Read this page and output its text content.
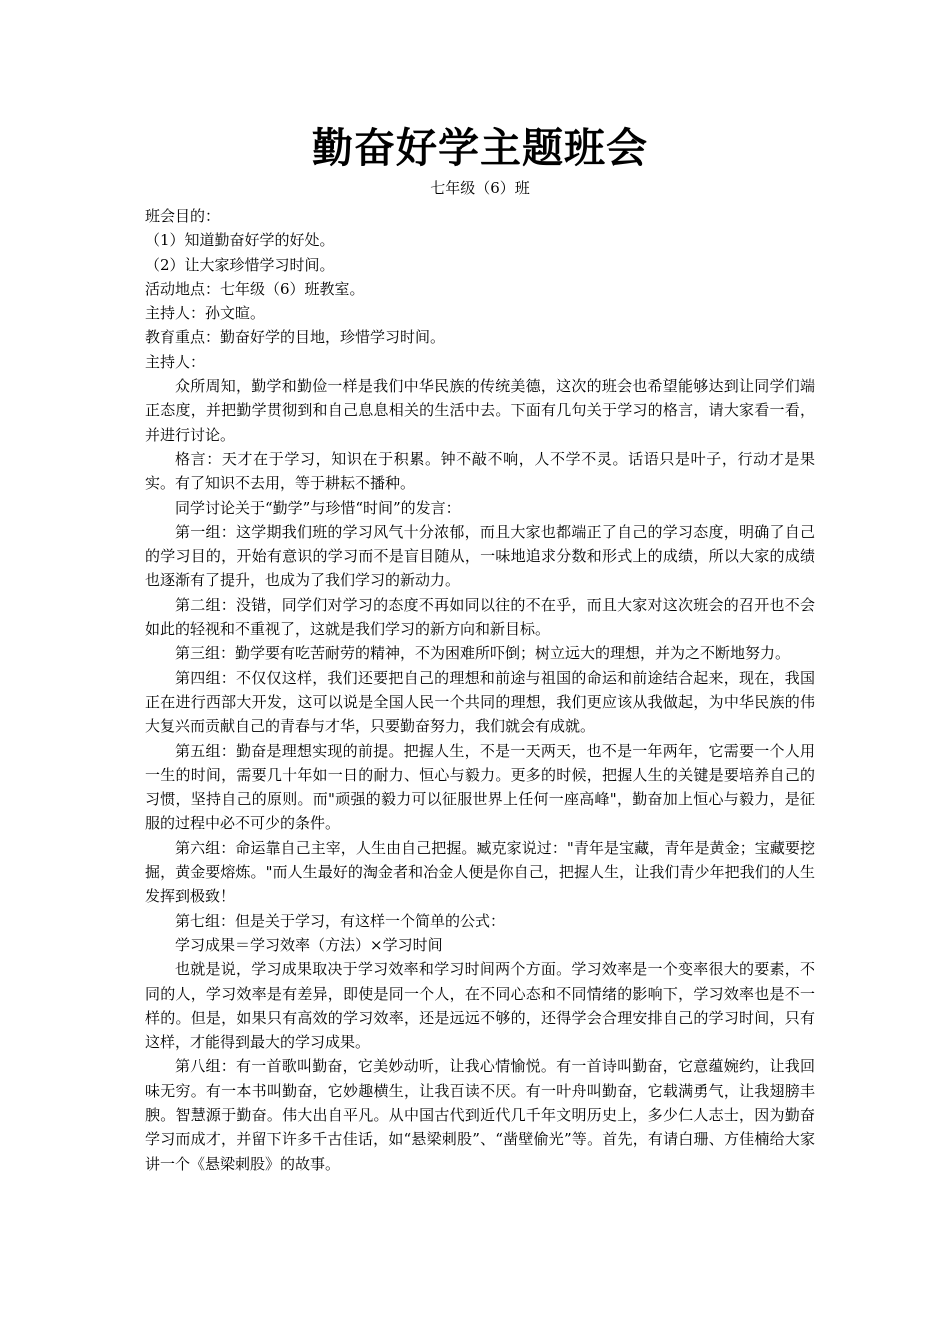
勤奋好学主题班会

七年级（6）班

班会目的：

（1）知道勤奋好学的好处。

（2）让大家珍惜学习时间。

活动地点：七年级（6）班教室。

主持人：孙文暄。

教育重点：勤奋好学的目地，珍惜学习时间。

主持人：

众所周知，勤学和勤俭一样是我们中华民族的传统美德，这次的班会也希望能够达到让同学们端正态度，并把勤学贯彻到和自己息息相关的生活中去。下面有几句关于学习的格言，请大家看一看，并进行讨论。

格言：天才在于学习，知识在于积累。钟不敲不响，人不学不灵。话语只是叶子，行动才是果实。有了知识不去用，等于耕耘不播种。

同学讨论关于“勤学”与珍惜“时间”的发言：

第一组：这学期我们班的学习风气十分浓郁，而且大家也都端正了自己的学习态度，明确了自己的学习目的，开始有意识的学习而不是盲目随从，一味地追求分数和形式上的成绩，所以大家的成绩也逐渐有了提升，也成为了我们学习的新动力。

第二组：没错，同学们对学习的态度不再如同以往的不在乎，而且大家对这次班会的召开也不会如此的轻视和不重视了，这就是我们学习的新方向和新目标。

第三组：勤学要有吃苦耐劳的精神，不为困难所吓倒；树立远大的理想，并为之不断地努力。

第四组：不仅仅这样，我们还要把自己的理想和前途与祖国的命运和前途结合起来，现在，我国正在进行西部大开发，这可以说是全国人民一个共同的理想，我们更应该从我做起，为中华民族的伟大复兴而贡献自己的青春与才华，只要勤奋努力，我们就会有成就。

第五组：勤奋是理想实现的前提。把握人生，不是一天两天，也不是一年两年，它需要一个人用一生的时间，需要几十年如一日的耐力、恒心与毅力。更多的时候，把握人生的关键是要培养自己的习惯，坚持自己的原则。而"顽强的毅力可以征服世界上任何一座高峰"，勤奋加上恒心与毅力，是征服的过程中必不可少的条件。

第六组：命运靠自己主宰，人生由自己把握。臧克家说过："青年是宝藏，青年是黄金；宝藏要挖掘，黄金要熔炼。"而人生最好的淘金者和冶金人便是你自己，把握人生，让我们青少年把我们的人生发挥到极致！

第七组：但是关于学习，有这样一个简单的公式：

学习成果＝学习效率（方法）×学习时间

也就是说，学习成果取决于学习效率和学习时间两个方面。学习效率是一个变率很大的要素，不同的人，学习效率是有差异，即使是同一个人，在不同心态和不同情绪的影响下，学习效率也是不一样的。但是，如果只有高效的学习效率，还是远远不够的，还得学会合理安排自己的学习时间，只有这样，才能得到最大的学习成果。

第八组：有一首歌叫勤奋，它美妙动听，让我心情愉悦。有一首诗叫勤奋，它意蕴婉约，让我回味无穷。有一本书叫勤奋，它妙趣横生，让我百读不厌。有一叶舟叫勤奋，它载满勇气，让我翅膀丰腴。智慧源于勤奋。伟大出自平凡。从中国古代到近代几千年文明历史上，多少仁人志士，因为勤奋学习而成才，并留下许多千古佳话，如“悬梁刺股”、“凿壁偷光”等。首先，有请白珊、方佳楠给大家讲一个《悬梁刺股》的故事。
